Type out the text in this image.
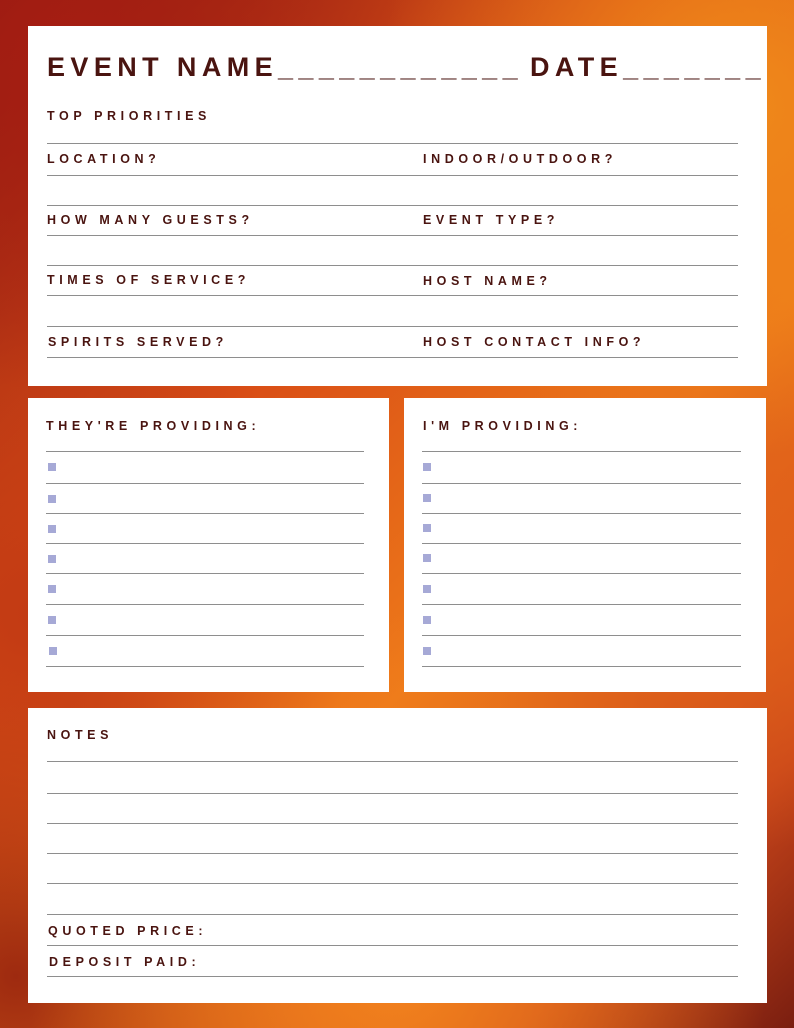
EVENT NAME____________ DATE_______
TOP PRIORITIES
LOCATION?	INDOOR/OUTDOOR?
HOW MANY GUESTS?	EVENT TYPE?
TIMES OF SERVICE?	HOST NAME?
SPIRITS SERVED?	HOST CONTACT INFO?
THEY'RE PROVIDING:	I'M PROVIDING:
NOTES
QUOTED PRICE:
DEPOSIT PAID:
